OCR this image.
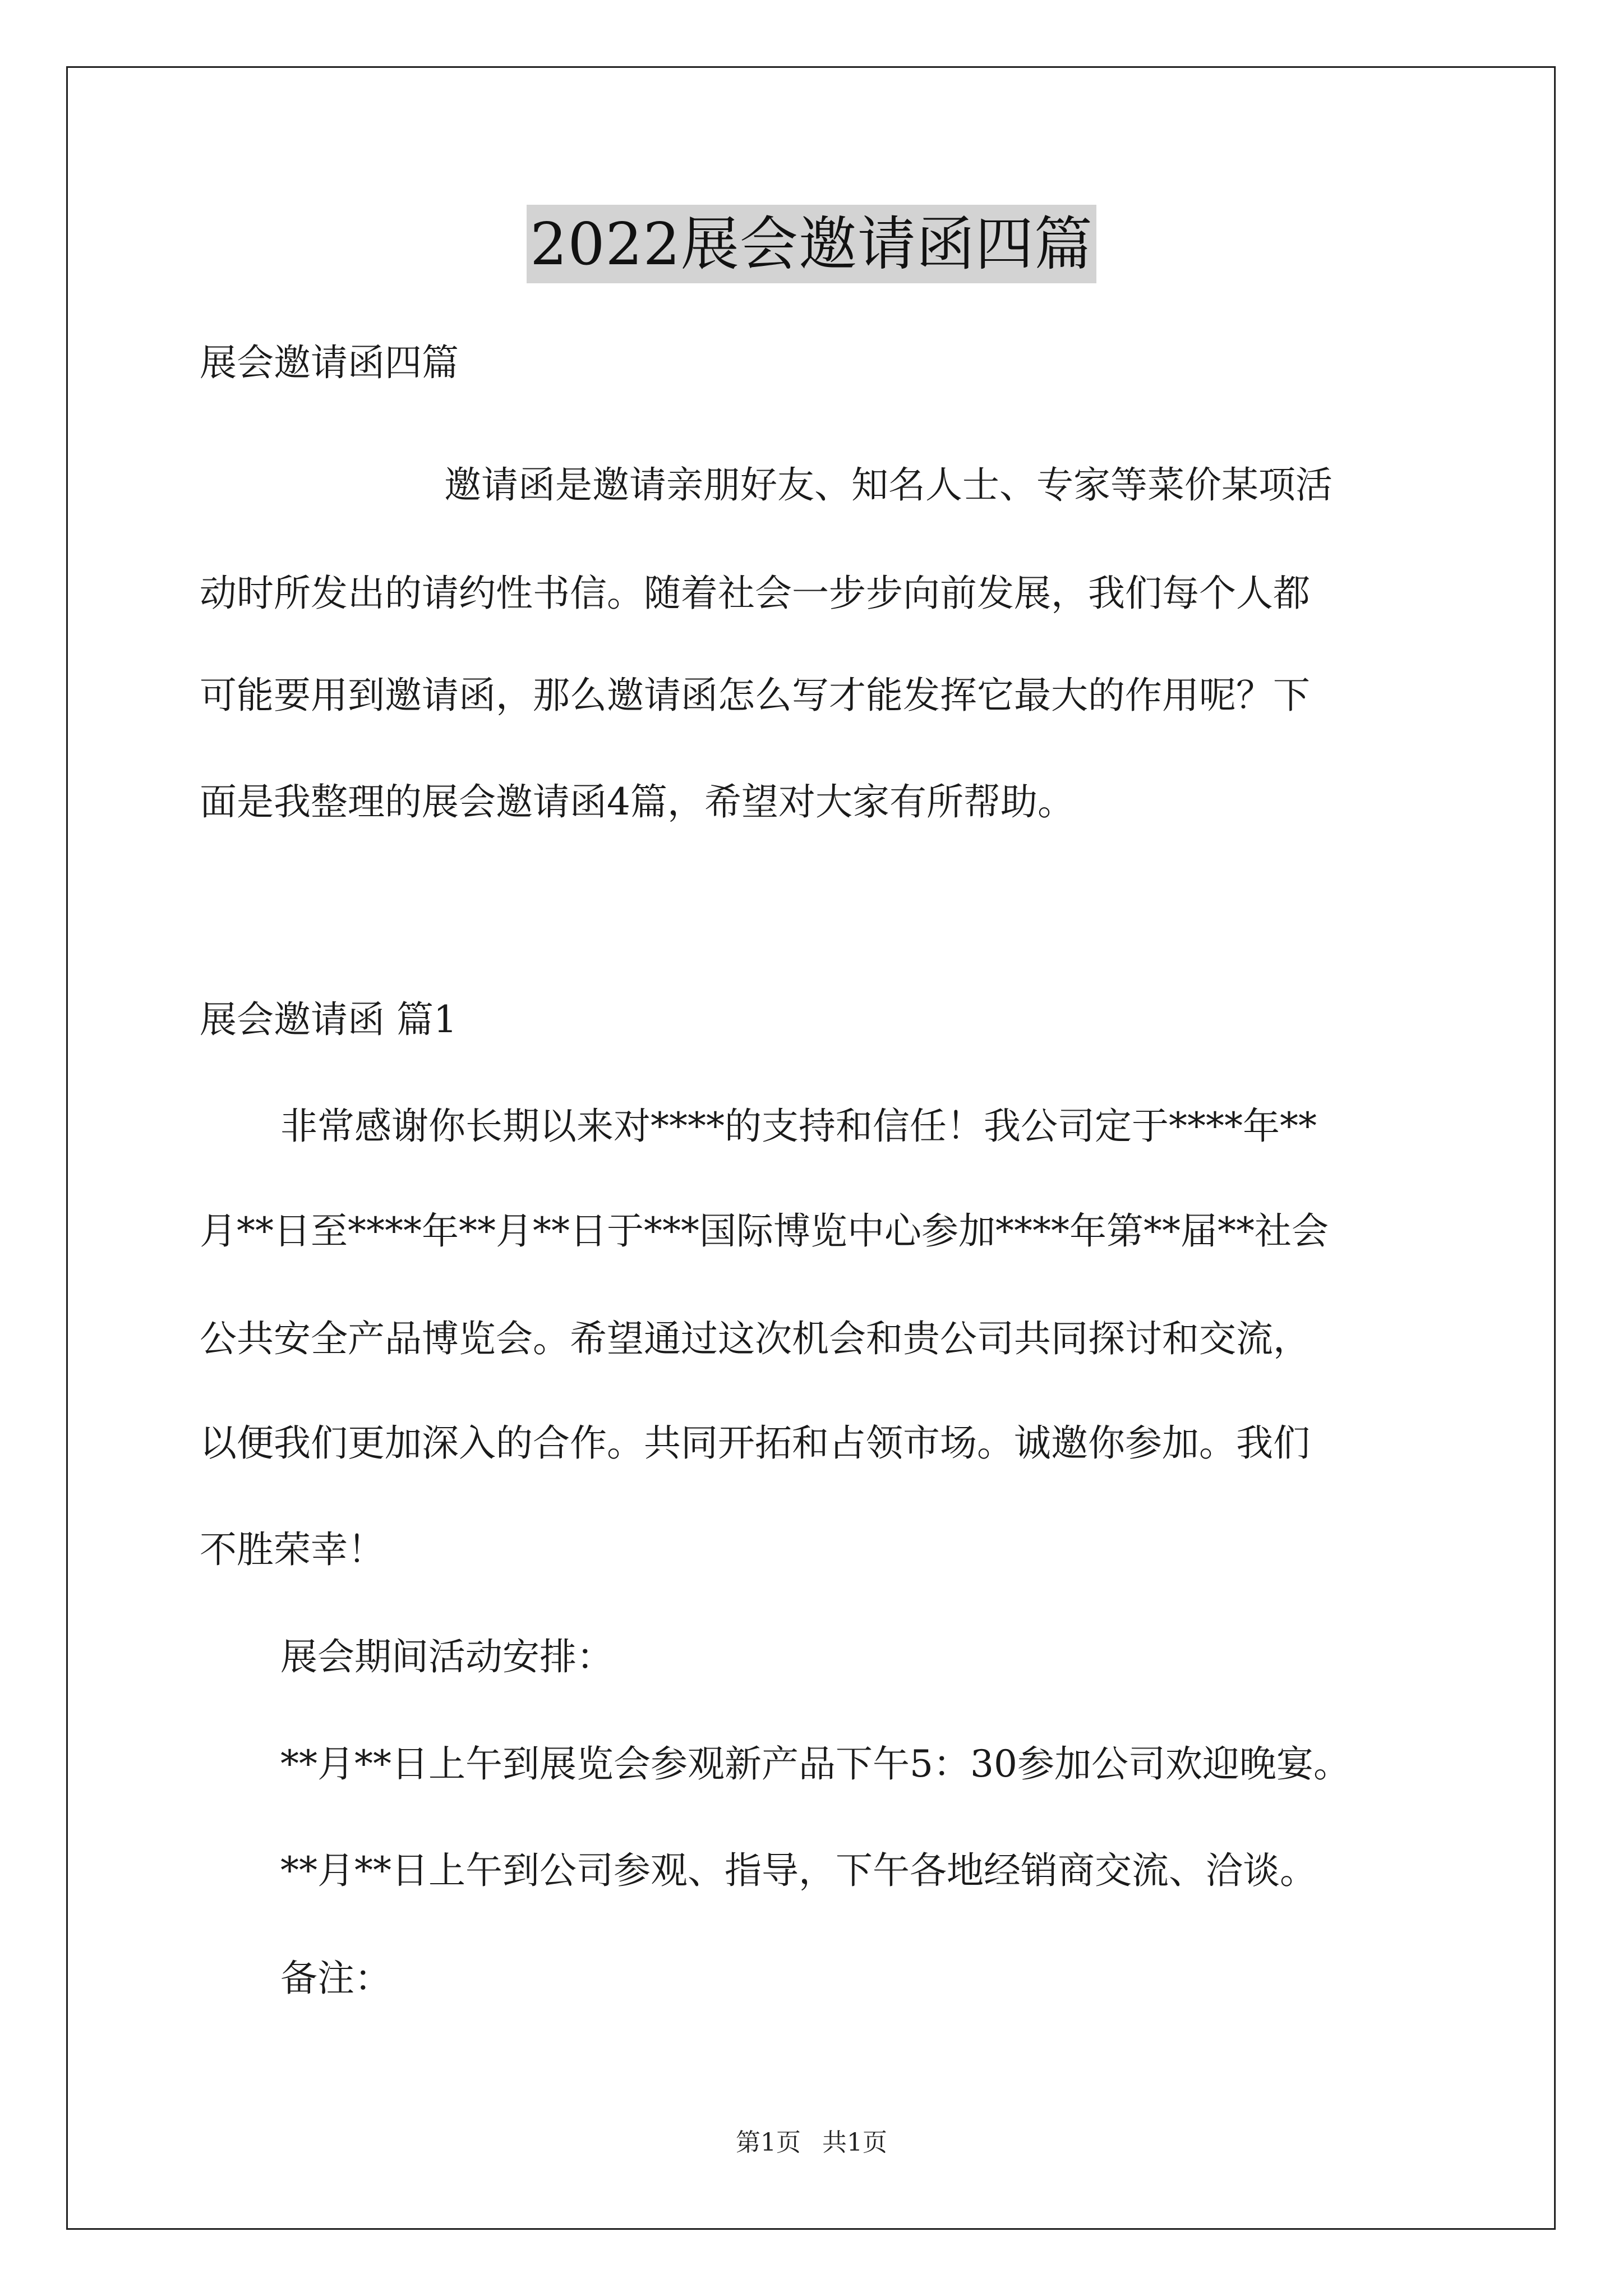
2022展会邀请函四篇
展会邀请函四篇
邀请函是邀请亲朋好友、知名人士、专家等菜价某项活
动时所发出的请约性书信。随着社会一步步向前发展，我们每个人都
可能要用到邀请函，那么邀请函怎么写才能发挥它最大的作用呢？下
面是我整理的展会邀请函4篇，希望对大家有所帮助。
展会邀请函 篇1
非常感谢你长期以来对****的支持和信任！我公司定于****年**
月**日至****年**月**日于***国际博览中心参加****年第**届**社会
公共安全产品博览会。希望通过这次机会和贵公司共同探讨和交流，
以便我们更加深入的合作。共同开拓和占领市场。诚邀你参加。我们
不胜荣幸！
展会期间活动安排：
**月**日上午到展览会参观新产品下午5：30参加公司欢迎晚宴。
**月**日上午到公司参观、指导，下午各地经销商交流、洽谈。
备注：
第1页 共1页
